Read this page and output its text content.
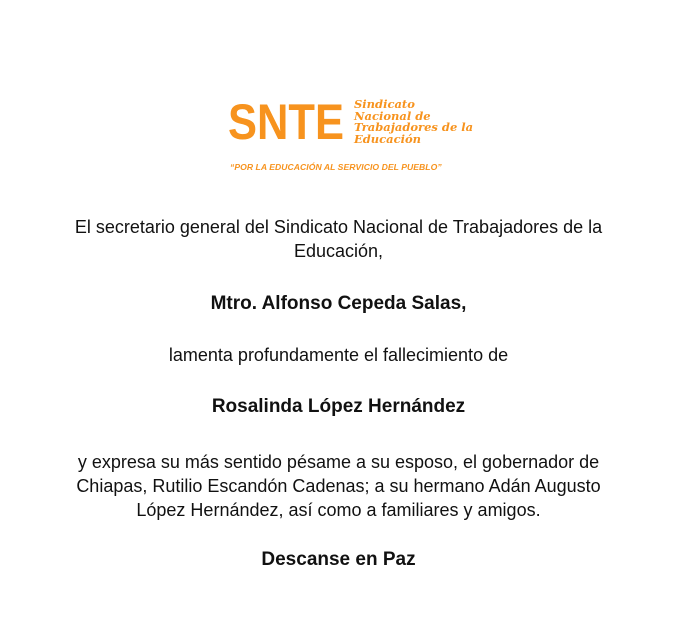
SNTE Sindicato
Nacional de
Trabajadores de la
Educación
“POR LA EDUCACIÓN AL SERVICIO DEL PUEBLO”

El secretario general del Sindicato Nacional de Trabajadores de la
Educación,

Mtro. Alfonso Cepeda Salas,

lamenta profundamente el fallecimiento de

Rosalinda López Hernández

y expresa su más sentido pésame a su esposo, el gobernador de
Chiapas, Rutilio Escandón Cadenas; a su hermano Adán Augusto
López Hernández, así como a familiares y amigos.

Descanse en Paz
